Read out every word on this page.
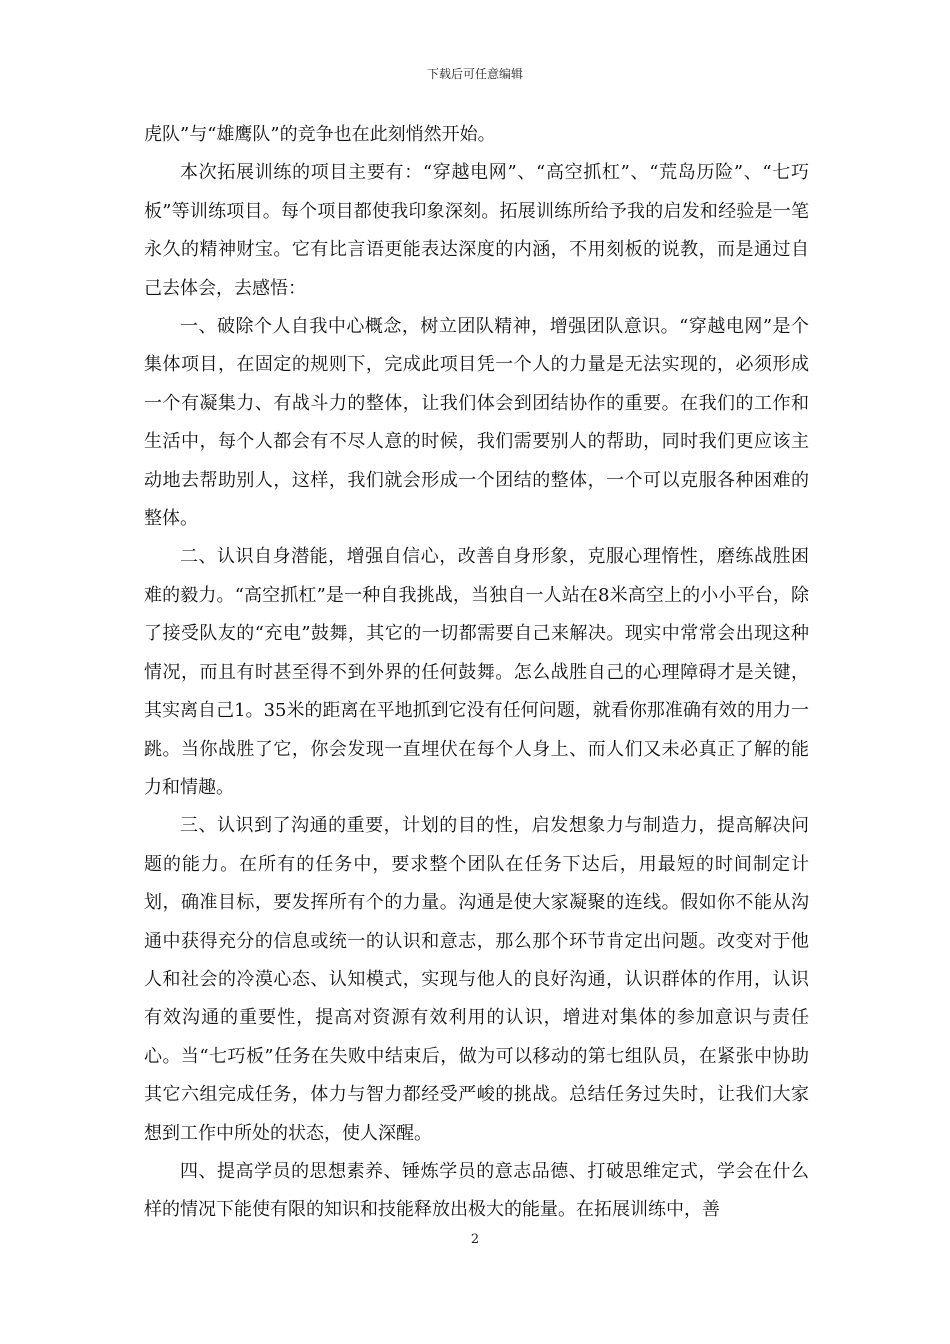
下载后可任意编辑

虎队”与“雄鹰队”的竞争也在此刻悄然开始。

本次拓展训练的项目主要有：“穿越电网”、“高空抓杠”、“荒岛历险”、“七巧板”等训练项目。每个项目都使我印象深刻。拓展训练所给予我的启发和经验是一笔永久的精神财宝。它有比言语更能表达深度的内涵，不用刻板的说教，而是通过自己去体会，去感悟：

一、破除个人自我中心概念，树立团队精神，增强团队意识。“穿越电网”是个集体项目，在固定的规则下，完成此项目凭一个人的力量是无法实现的，必须形成一个有凝集力、有战斗力的整体，让我们体会到团结协作的重要。在我们的工作和生活中，每个人都会有不尽人意的时候，我们需要别人的帮助，同时我们更应该主动地去帮助别人，这样，我们就会形成一个团结的整体，一个可以克服各种困难的整体。

二、认识自身潜能，增强自信心，改善自身形象，克服心理惰性，磨练战胜困难的毅力。“高空抓杠”是一种自我挑战，当独自一人站在8米高空上的小小平台，除了接受队友的“充电”鼓舞，其它的一切都需要自己来解决。现实中常常会出现这种情况，而且有时甚至得不到外界的任何鼓舞。怎么战胜自己的心理障碍才是关键，其实离自己1。35米的距离在平地抓到它没有任何问题，就看你那准确有效的用力一跳。当你战胜了它，你会发现一直埋伏在每个人身上、而人们又未必真正了解的能力和情趣。

三、认识到了沟通的重要，计划的目的性，启发想象力与制造力，提高解决问题的能力。在所有的任务中，要求整个团队在任务下达后，用最短的时间制定计划，确准目标，要发挥所有个的力量。沟通是使大家凝聚的连线。假如你不能从沟通中获得充分的信息或统一的认识和意志，那么那个环节肯定出问题。改变对于他人和社会的冷漠心态、认知模式，实现与他人的良好沟通，认识群体的作用，认识有效沟通的重要性，提高对资源有效利用的认识，增进对集体的参加意识与责任心。当“七巧板”任务在失败中结束后，做为可以移动的第七组队员，在紧张中协助其它六组完成任务，体力与智力都经受严峻的挑战。总结任务过失时，让我们大家想到工作中所处的状态，使人深醒。

四、提高学员的思想素养、锤炼学员的意志品德、打破思维定式，学会在什么样的情况下能使有限的知识和技能释放出极大的能量。在拓展训练中，善

2
